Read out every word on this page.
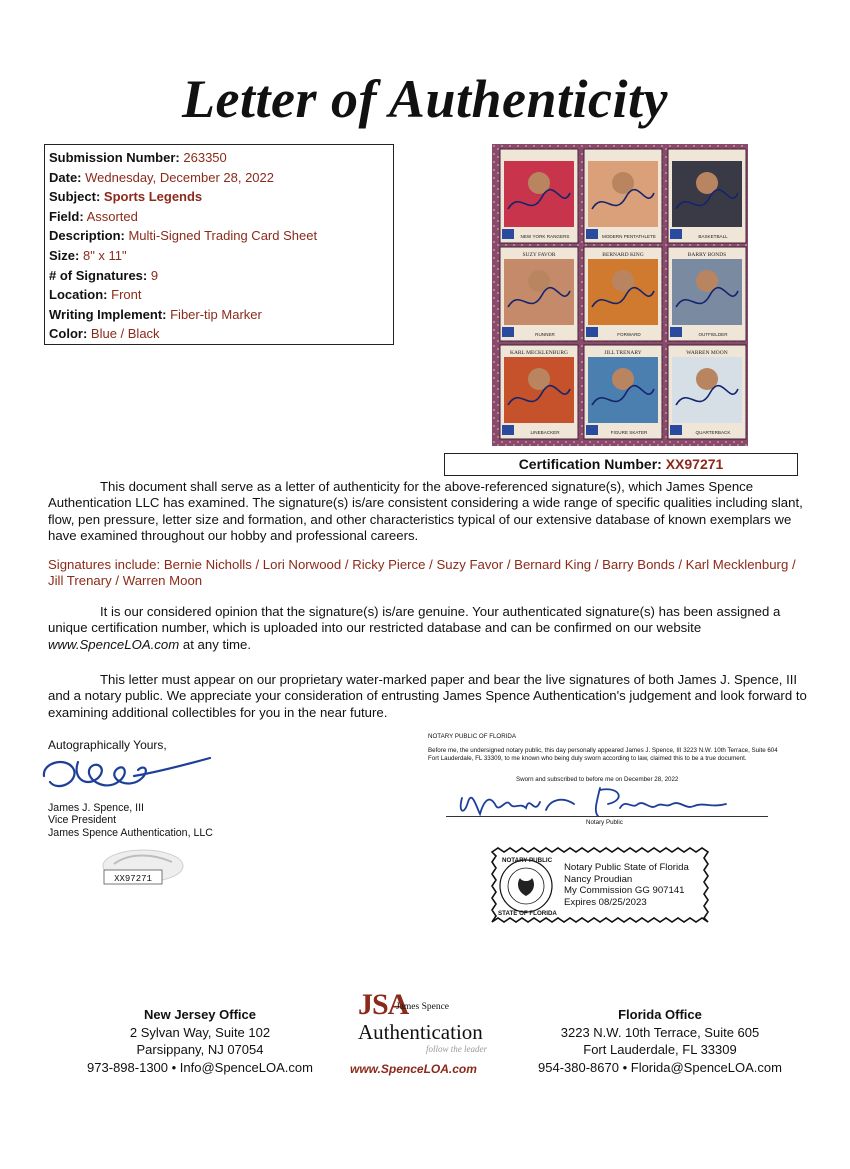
Letter of Authenticity
Submission Number: 263350
Date: Wednesday, December 28, 2022
Subject: Sports Legends
Field: Assorted
Description: Multi-Signed Trading Card Sheet
Size: 8" x 11"
# of Signatures: 9
Location: Front
Writing Implement: Fiber-tip Marker
Color: Blue / Black
NEW YORK RANGERS	MODERN PENTATHLETE	BASKETBALL
SUZY FAVOR
RUNNER
BERNARD KING
FORWARD
BARRY BONDS
OUTFIELDER
KARL MECKLENBURG
LINEBACKER
JILL TRENARY
FIGURE SKATER
WARREN MOON
QUARTERBACK
Certification Number: XX97271
This document shall serve as a letter of authenticity for the above-referenced signature(s), which James Spence Authentication LLC has examined. The signature(s) is/are consistent considering a wide range of specific qualities including slant, flow, pen pressure, letter size and formation, and other characteristics typical of our extensive database of known exemplars we have examined throughout our hobby and professional careers.
Signatures include: Bernie Nicholls / Lori Norwood / Ricky Pierce / Suzy Favor / Bernard King / Barry Bonds / Karl Mecklenburg / Jill Trenary / Warren Moon
It is our considered opinion that the signature(s) is/are genuine. Your authenticated signature(s) has been assigned a unique certification number, which is uploaded into our restricted database and can be confirmed on our website www.SpenceLOA.com at any time.
This letter must appear on our proprietary water-marked paper and bear the live signatures of both James J. Spence, III and a notary public. We appreciate your consideration of entrusting James Spence Authentication's judgement and look forward to examining additional collectibles for you in the near future.
Autographically Yours,
James J. Spence, III
Vice President
James Spence Authentication, LLC
XX97271
NOTARY PUBLIC OF FLORIDA
Before me, the undersigned notary public, this day personally appeared James J. Spence, III 3223 N.W. 10th Terrace, Suite 604 Fort Lauderdale, FL 33309, to me known who being duly sworn according to law, claimed this to be a true document.
Sworn and subscribed to before me on December 28, 2022
Notary Public
NOTARY PUBLIC
STATE OF FLORIDA
Notary Public State of Florida
Nancy Proudian
My Commission GG 907141
Expires 08/25/2023
New Jersey Office
2 Sylvan Way, Suite 102
Parsippany, NJ 07054
973-898-1300 • Info@SpenceLOA.com
JSA
James Spence
Authentication
follow the leader
www.SpenceLOA.com
Florida Office
3223 N.W. 10th Terrace, Suite 605
Fort Lauderdale, FL 33309
954-380-8670 • Florida@SpenceLOA.com
